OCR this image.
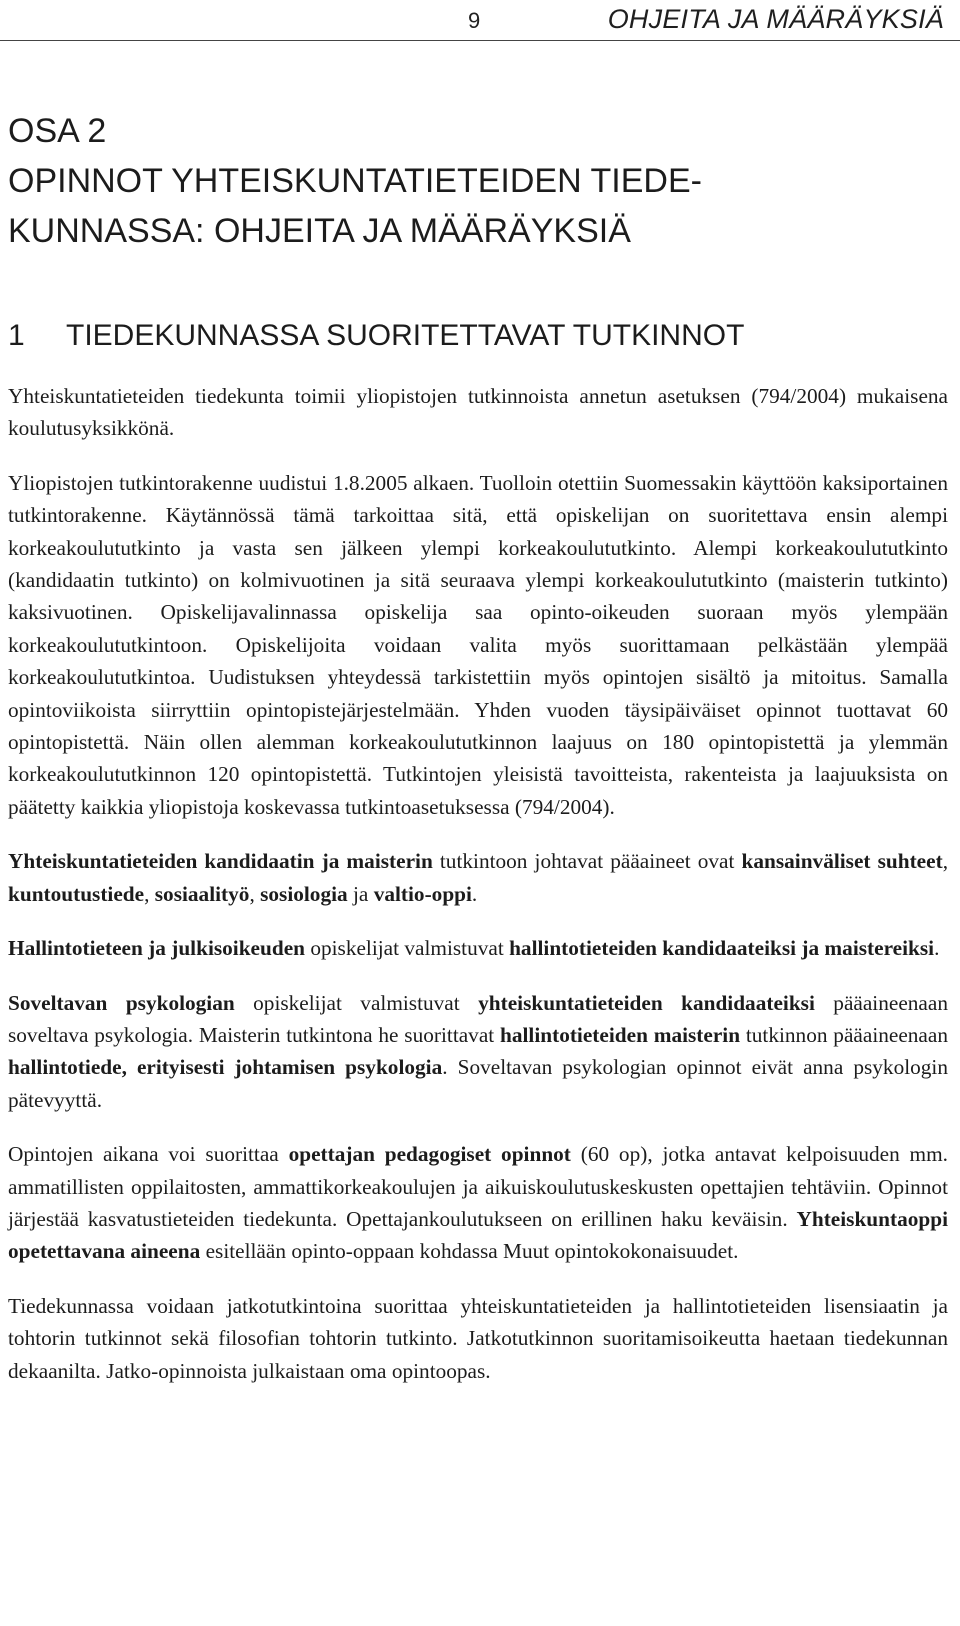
9	OHJEITA JA MÄÄRÄYKSIÄ
OSA 2
OPINNOT YHTEISKUNTATIETEIDEN TIEDE-
KUNNASSA: OHJEITA JA MÄÄRÄYKSIÄ
1 TIEDEKUNNASSA SUORITETTAVAT TUTKINNOT

Yhteiskuntatieteiden tiedekunta toimii yliopistojen tutkinnoista annetun asetuksen (794/2004) mukaisena koulutusyksikkönä.

Yliopistojen tutkintorakenne uudistui 1.8.2005 alkaen. Tuolloin otettiin Suomessakin käyttöön kaksiportainen tutkintorakenne. Käytännössä tämä tarkoittaa sitä, että opiskelijan on suoritettava ensin alempi korkeakoulututkinto ja vasta sen jälkeen ylempi korkeakoulututkinto. Alempi korkeakoulututkinto (kandidaatin tutkinto) on kolmivuotinen ja sitä seuraava ylempi korkeakoulututkinto (maisterin tutkinto) kaksivuotinen. Opiskelijavalinnassa opiskelija saa opinto-oikeuden suoraan myös ylempään korkeakoulututkintoon. Opiskelijoita voidaan valita myös suorittamaan pelkästään ylempää korkeakoulututkintoa. Uudistuksen yhteydessä tarkistettiin myös opintojen sisältö ja mitoitus. Samalla opintoviikoista siirryttiin opintopistejärjestelmään. Yhden vuoden täysipäiväiset opinnot tuottavat 60 opintopistettä. Näin ollen alemman korkeakoulututkinnon laajuus on 180 opintopistettä ja ylemmän korkeakoulututkinnon 120 opintopistettä. Tutkintojen yleisistä tavoitteista, rakenteista ja laajuuksista on päätetty kaikkia yliopistoja koskevassa tutkintoasetuksessa (794/2004).

Yhteiskuntatieteiden kandidaatin ja maisterin tutkintoon johtavat pääaineet ovat kansainväliset suhteet, kuntoutustiede, sosiaalityö, sosiologia ja valtio-oppi.

Hallintotieteen ja julkisoikeuden opiskelijat valmistuvat hallintotieteiden kandidaateiksi ja maistereiksi.

Soveltavan psykologian opiskelijat valmistuvat yhteiskuntatieteiden kandidaateiksi pääaineenaan soveltava psykologia. Maisterin tutkintona he suorittavat hallintotieteiden maisterin tutkinnon pääaineenaan hallintotiede, erityisesti johtamisen psykologia. Soveltavan psykologian opinnot eivät anna psykologin pätevyyttä.

Opintojen aikana voi suorittaa opettajan pedagogiset opinnot (60 op), jotka antavat kelpoisuuden mm. ammatillisten oppilaitosten, ammattikorkeakoulujen ja aikuiskoulutuskeskusten opettajien tehtäviin. Opinnot järjestää kasvatustieteiden tiedekunta. Opettajankoulutukseen on erillinen haku keväisin. Yhteiskuntaoppi opetettavana aineena esitellään opinto-oppaan kohdassa Muut opintokokonaisuudet.

Tiedekunnassa voidaan jatkotutkintoina suorittaa yhteiskuntatieteiden ja hallintotieteiden lisensiaatin ja tohtorin tutkinnot sekä filosofian tohtorin tutkinto. Jatkotutkinnon suoritamisoikeutta haetaan tiedekunnan dekaanilta. Jatko-opinnoista julkaistaan oma opintoopas.
